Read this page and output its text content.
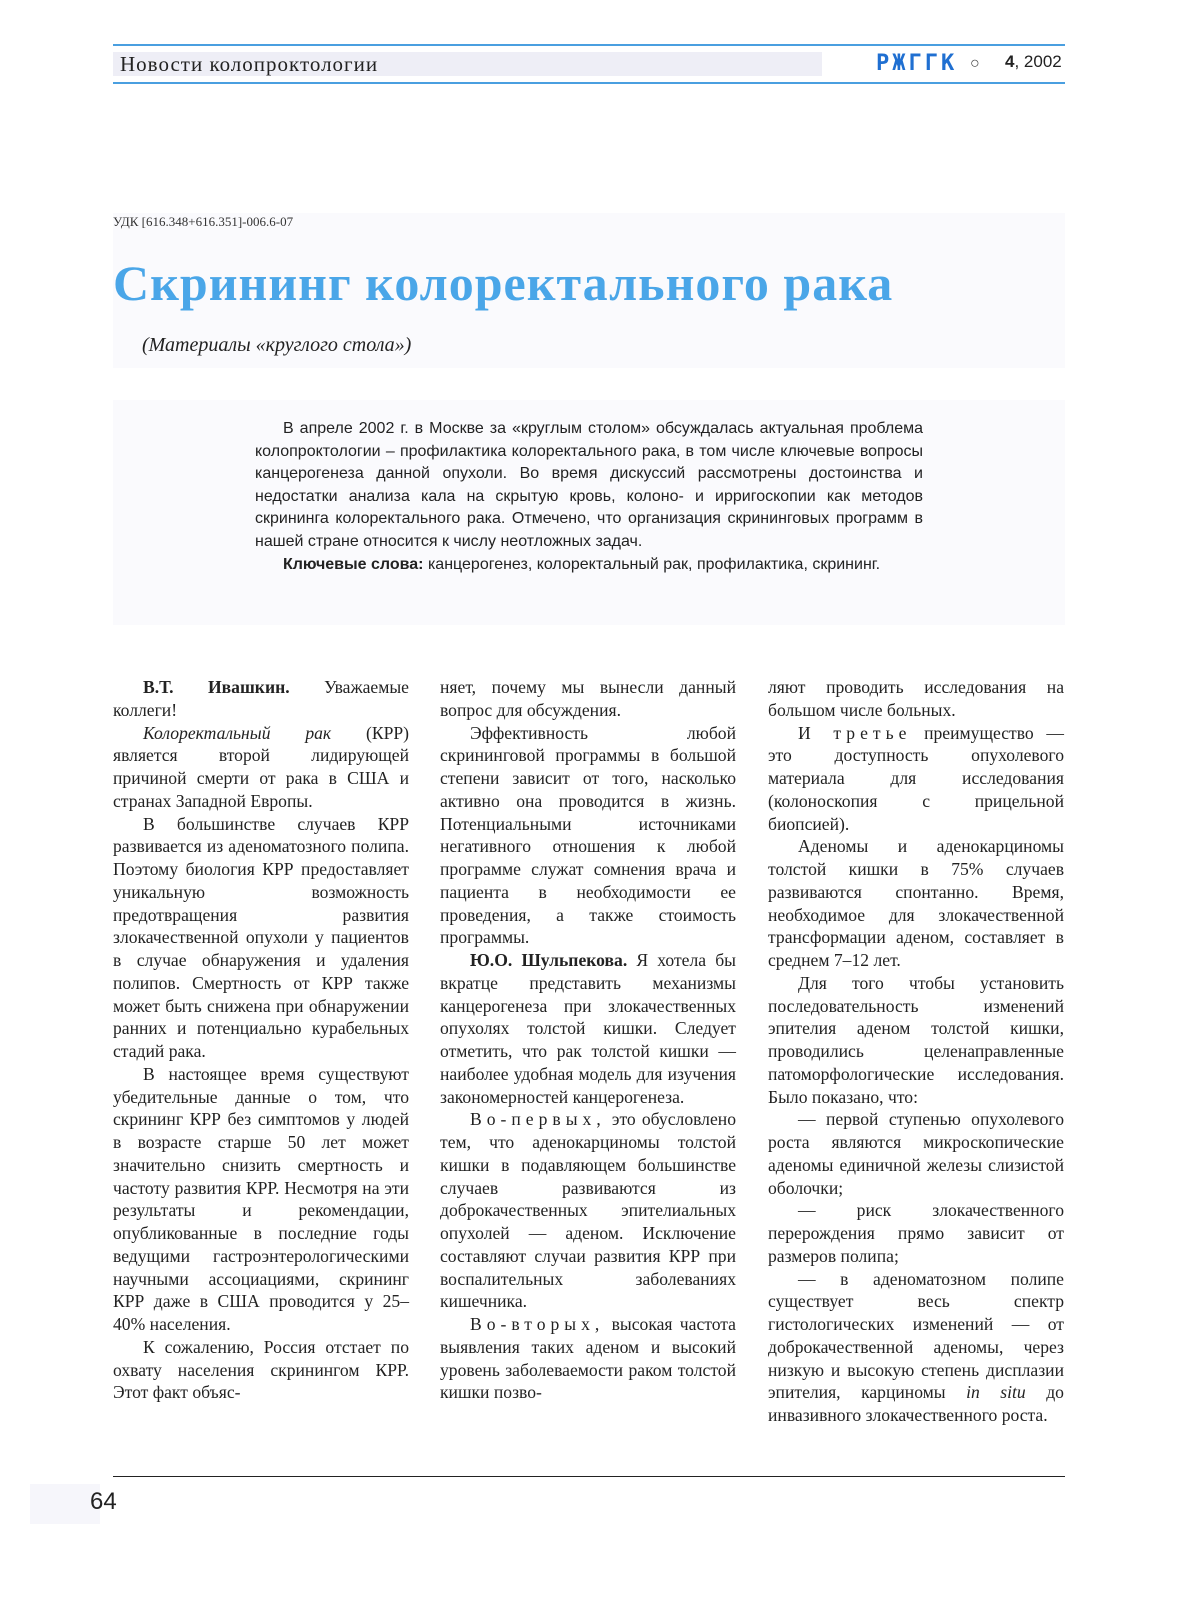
Новости колопроктологии	РЖГГК ○ 4, 2002
УДК [616.348+616.351]-006.6-07
Скрининг колоректального рака
(Материалы «круглого стола»)

В апреле 2002 г. в Москве за «круглым столом» обсуждалась актуальная проблема колопроктологии – профилактика колоректального рака, в том числе ключевые вопросы канцерогенеза данной опухоли. Во время дискуссий рассмотрены достоинства и недостатки анализа кала на скрытую кровь, колоно- и ирригоскопии как методов скрининга колоректального рака. Отмечено, что организация скрининговых программ в нашей стране относится к числу неотложных задач.

Ключевые слова: канцерогенез, колоректальный рак, профилактика, скрининг.

В.Т. Ивашкин. Уважаемые коллеги!

Колоректальный рак (КРР) является второй лидирующей причиной смерти от рака в США и странах Западной Европы.

В большинстве случаев КРР развивается из аденоматозного полипа. Поэтому биология КРР предоставляет уникальную возможность предотвращения развития злокачественной опухоли у пациентов в случае обнаружения и удаления полипов. Смертность от КРР также может быть снижена при обнаружении ранних и потенциально курабельных стадий рака.

В настоящее время существуют убедительные данные о том, что скрининг КРР без симптомов у людей в возрасте старше 50 лет может значительно снизить смертность и частоту развития КРР. Несмотря на эти результаты и рекомендации, опубликованные в последние годы ведущими гастроэнтерологическими научными ассоциациями, скрининг КРР даже в США проводится у 25–40% населения.

К сожалению, Россия отстает по охвату населения скринингом КРР. Этот факт объяс-

няет, почему мы вынесли данный вопрос для обсуждения.

Эффективность любой скрининговой программы в большой степени зависит от того, насколько активно она проводится в жизнь. Потенциальными источниками негативного отношения к любой программе служат сомнения врача и пациента в необходимости ее проведения, а также стоимость программы.

Ю.О. Шульпекова. Я хотела бы вкратце представить механизмы канцерогенеза при злокачественных опухолях толстой кишки. Следует отметить, что рак толстой кишки — наиболее удобная модель для изучения закономерностей канцерогенеза.

Во-первых, это обусловлено тем, что аденокарциномы толстой кишки в подавляющем большинстве случаев развиваются из доброкачественных эпителиальных опухолей — аденом. Исключение составляют случаи развития КРР при воспалительных заболеваниях кишечника.

Во-вторых, высокая частота выявления таких аденом и высокий уровень заболеваемости раком толстой кишки позво-

ляют проводить исследования на большом числе больных.

И третье преимущество — это доступность опухолевого материала для исследования (колоноскопия с прицельной биопсией).

Аденомы и аденокарциномы толстой кишки в 75% случаев развиваются спонтанно. Время, необходимое для злокачественной трансформации аденом, составляет в среднем 7–12 лет.

Для того чтобы установить последовательность изменений эпителия аденом толстой кишки, проводились целенаправленные патоморфологические исследования. Было показано, что:

— первой ступенью опухолевого роста являются микроскопические аденомы единичной железы слизистой оболочки;

— риск злокачественного перерождения прямо зависит от размеров полипа;

— в аденоматозном полипе существует весь спектр гистологических изменений — от доброкачественной аденомы, через низкую и высокую степень дисплазии эпителия, карциномы in situ до инвазивного злокачественного роста.

64
